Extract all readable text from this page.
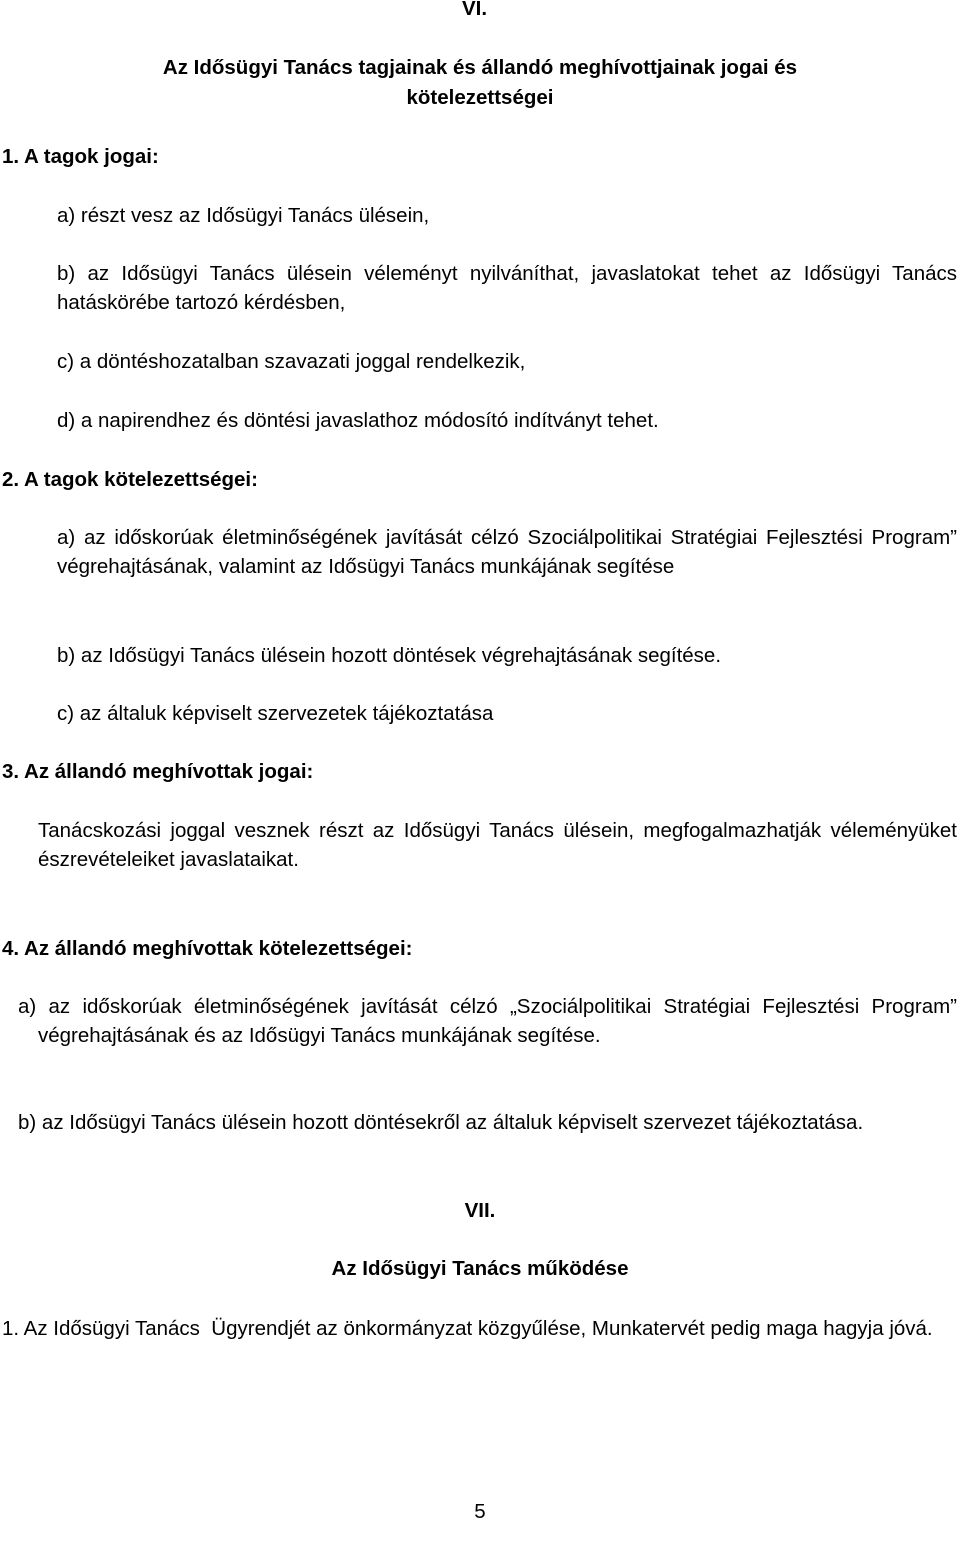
VI.
Az Idősügyi Tanács tagjainak és állandó meghívottjainak jogai és
kötelezettségei
1. A tagok jogai:
a) részt vesz az Idősügyi Tanács ülésein,
b) az Idősügyi Tanács ülésein véleményt nyilváníthat, javaslatokat tehet az Idősügyi Tanács hatáskörébe tartozó kérdésben,
c) a döntéshozatalban szavazati joggal rendelkezik,
d) a napirendhez és döntési javaslathoz módosító indítványt tehet.
2. A tagok kötelezettségei:
a) az időskorúak életminőségének javítását célzó Szociálpolitikai Stratégiai Fejlesztési Program” végrehajtásának, valamint az Idősügyi Tanács munkájának segítése
b) az Idősügyi Tanács ülésein hozott döntések végrehajtásának segítése.
c) az általuk képviselt szervezetek tájékoztatása
3. Az állandó meghívottak jogai:
Tanácskozási joggal vesznek részt az Idősügyi Tanács ülésein, megfogalmazhatják véleményüket észrevételeiket javaslataikat.
4. Az állandó meghívottak kötelezettségei:
a) az időskorúak életminőségének javítását célzó „Szociálpolitikai Stratégiai Fejlesztési Program” végrehajtásának és az Idősügyi Tanács munkájának segítése.
b) az Idősügyi Tanács ülésein hozott döntésekről az általuk képviselt szervezet tájékoztatása.
VII.
Az Idősügyi Tanács működése
1. Az Idősügyi Tanács  Ügyrendjét az önkormányzat közgyűlése, Munkatervét pedig maga hagyja jóvá.
5
